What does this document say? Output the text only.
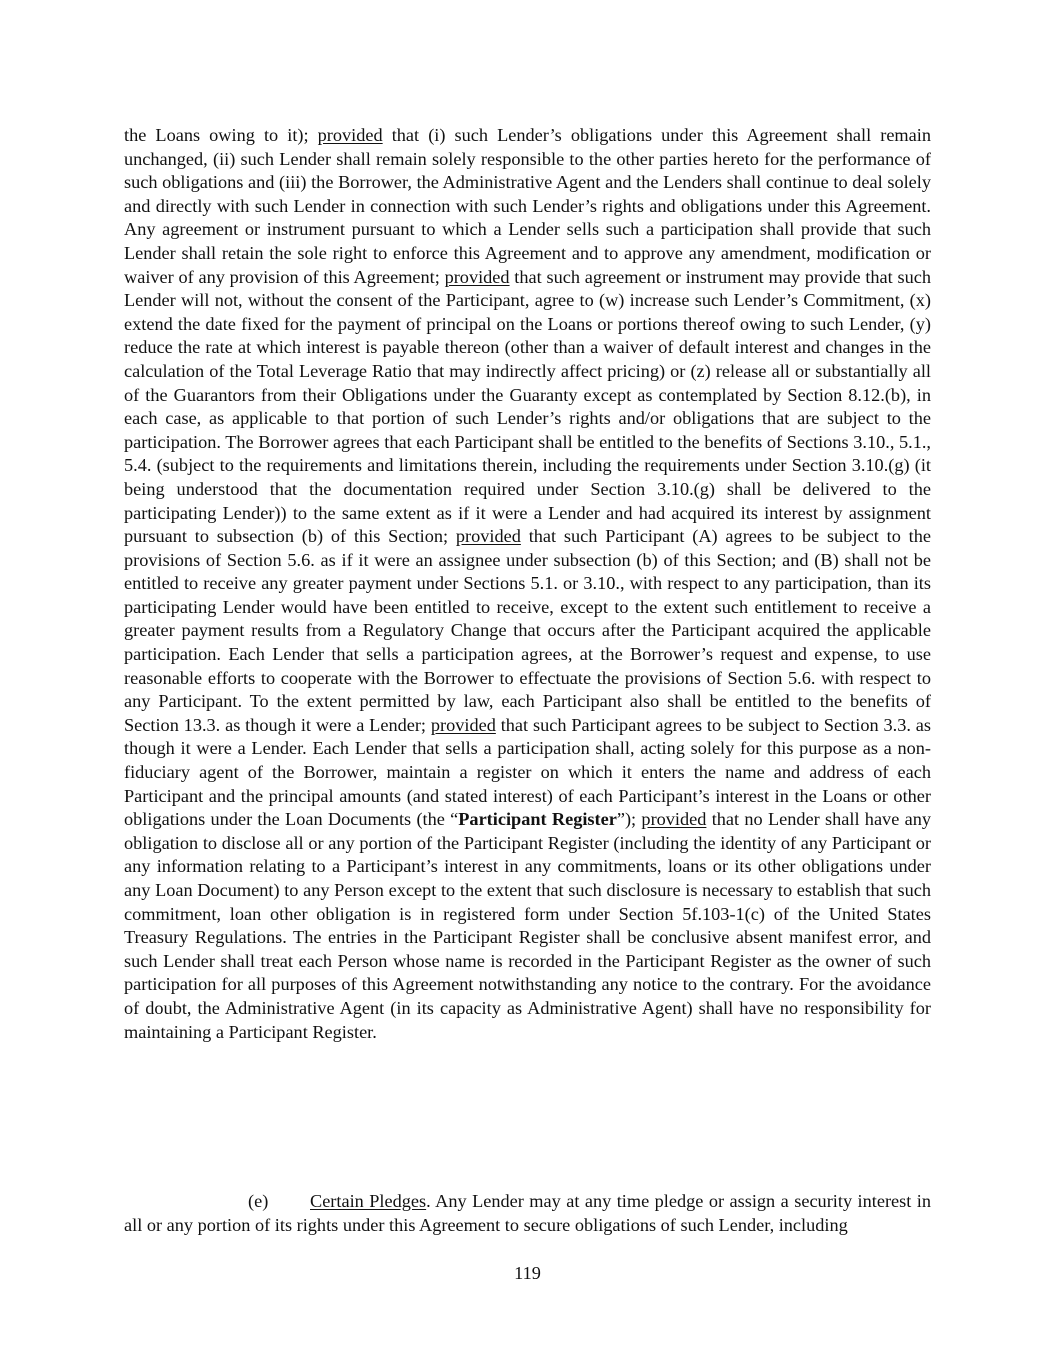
the Loans owing to it); provided that (i) such Lender’s obligations under this Agreement shall remain unchanged, (ii) such Lender shall remain solely responsible to the other parties hereto for the performance of such obligations and (iii) the Borrower, the Administrative Agent and the Lenders shall continue to deal solely and directly with such Lender in connection with such Lender’s rights and obligations under this Agreement. Any agreement or instrument pursuant to which a Lender sells such a participation shall provide that such Lender shall retain the sole right to enforce this Agreement and to approve any amendment, modification or waiver of any provision of this Agreement; provided that such agreement or instrument may provide that such Lender will not, without the consent of the Participant, agree to (w) increase such Lender’s Commitment, (x) extend the date fixed for the payment of principal on the Loans or portions thereof owing to such Lender, (y) reduce the rate at which interest is payable thereon (other than a waiver of default interest and changes in the calculation of the Total Leverage Ratio that may indirectly affect pricing) or (z) release all or substantially all of the Guarantors from their Obligations under the Guaranty except as contemplated by Section 8.12.(b), in each case, as applicable to that portion of such Lender’s rights and/or obligations that are subject to the participation. The Borrower agrees that each Participant shall be entitled to the benefits of Sections 3.10., 5.1., 5.4. (subject to the requirements and limitations therein, including the requirements under Section 3.10.(g) (it being understood that the documentation required under Section 3.10.(g) shall be delivered to the participating Lender)) to the same extent as if it were a Lender and had acquired its interest by assignment pursuant to subsection (b) of this Section; provided that such Participant (A) agrees to be subject to the provisions of Section 5.6. as if it were an assignee under subsection (b) of this Section; and (B) shall not be entitled to receive any greater payment under Sections 5.1. or 3.10., with respect to any participation, than its participating Lender would have been entitled to receive, except to the extent such entitlement to receive a greater payment results from a Regulatory Change that occurs after the Participant acquired the applicable participation. Each Lender that sells a participation agrees, at the Borrower’s request and expense, to use reasonable efforts to cooperate with the Borrower to effectuate the provisions of Section 5.6. with respect to any Participant. To the extent permitted by law, each Participant also shall be entitled to the benefits of Section 13.3. as though it were a Lender; provided that such Participant agrees to be subject to Section 3.3. as though it were a Lender. Each Lender that sells a participation shall, acting solely for this purpose as a non-fiduciary agent of the Borrower, maintain a register on which it enters the name and address of each Participant and the principal amounts (and stated interest) of each Participant’s interest in the Loans or other obligations under the Loan Documents (the “Participant Register”); provided that no Lender shall have any obligation to disclose all or any portion of the Participant Register (including the identity of any Participant or any information relating to a Participant’s interest in any commitments, loans or its other obligations under any Loan Document) to any Person except to the extent that such disclosure is necessary to establish that such commitment, loan other obligation is in registered form under Section 5f.103-1(c) of the United States Treasury Regulations. The entries in the Participant Register shall be conclusive absent manifest error, and such Lender shall treat each Person whose name is recorded in the Participant Register as the owner of such participation for all purposes of this Agreement notwithstanding any notice to the contrary. For the avoidance of doubt, the Administrative Agent (in its capacity as Administrative Agent) shall have no responsibility for maintaining a Participant Register.

(e) Certain Pledges. Any Lender may at any time pledge or assign a security interest in all or any portion of its rights under this Agreement to secure obligations of such Lender, including

119
